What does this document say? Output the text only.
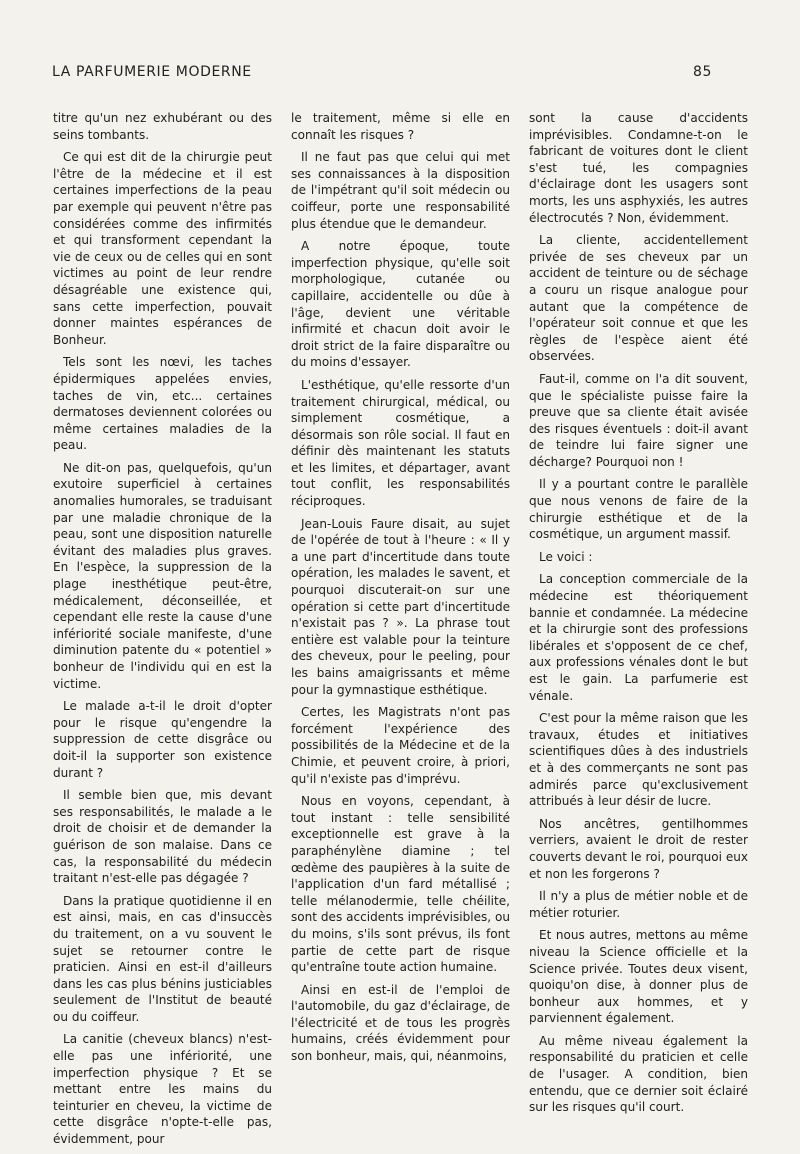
LA PARFUMERIE MODERNE	85

titre qu'un nez exhubérant ou des seins tombants.

Ce qui est dit de la chirurgie peut l'être de la médecine et il est certaines imperfections de la peau par exemple qui peuvent n'être pas considérées comme des infirmités et qui transforment cependant la vie de ceux ou de celles qui en sont victimes au point de leur rendre désagréable une existence qui, sans cette imperfection, pouvait donner maintes espérances de Bonheur.

Tels sont les nœvi, les taches épidermiques appelées envies, taches de vin, etc... certaines dermatoses deviennent colorées ou même certaines maladies de la peau.

Ne dit-on pas, quelquefois, qu'un exutoire superficiel à certaines anomalies humorales, se traduisant par une maladie chronique de la peau, sont une disposition naturelle évitant des maladies plus graves. En l'espèce, la suppression de la plage inesthétique peut-être, médicalement, déconseillée, et cependant elle reste la cause d'une infériorité sociale manifeste, d'une diminution patente du « potentiel » bonheur de l'individu qui en est la victime.

Le malade a-t-il le droit d'opter pour le risque qu'engendre la suppression de cette disgrâce ou doit-il la supporter son existence durant ?

Il semble bien que, mis devant ses responsabilités, le malade a le droit de choisir et de demander la guérison de son malaise. Dans ce cas, la responsabilité du médecin traitant n'est-elle pas dégagée ?

Dans la pratique quotidienne il en est ainsi, mais, en cas d'insuccès du traitement, on a vu souvent le sujet se retourner contre le praticien. Ainsi en est-il d'ailleurs dans les cas plus bénins justiciables seulement de l'Institut de beauté ou du coiffeur.

La canitie (cheveux blancs) n'est-elle pas une infériorité, une imperfection physique ? Et se mettant entre les mains du teinturier en cheveu, la victime de cette disgrâce n'opte-t-elle pas, évidemment, pour

le traitement, même si elle en connaît les risques ?

Il ne faut pas que celui qui met ses connaissances à la disposition de l'impétrant qu'il soit médecin ou coiffeur, porte une responsabilité plus étendue que le demandeur.

A notre époque, toute imperfection physique, qu'elle soit morphologique, cutanée ou capillaire, accidentelle ou dûe à l'âge, devient une véritable infirmité et chacun doit avoir le droit strict de la faire disparaître ou du moins d'essayer.

L'esthétique, qu'elle ressorte d'un traitement chirurgical, médical, ou simplement cosmétique, a désormais son rôle social. Il faut en définir dès maintenant les statuts et les limites, et départager, avant tout conflit, les responsabilités réciproques.

Jean-Louis Faure disait, au sujet de l'opérée de tout à l'heure : « Il y a une part d'incertitude dans toute opération, les malades le savent, et pourquoi discuterait-on sur une opération si cette part d'incertitude n'existait pas ? ». La phrase tout entière est valable pour la teinture des cheveux, pour le peeling, pour les bains amaigrissants et même pour la gymnastique esthétique.

Certes, les Magistrats n'ont pas forcément l'expérience des possibilités de la Médecine et de la Chimie, et peuvent croire, à priori, qu'il n'existe pas d'imprévu.

Nous en voyons, cependant, à tout instant : telle sensibilité exceptionnelle est grave à la paraphénylène diamine ; tel œdème des paupières à la suite de l'application d'un fard métallisé ; telle mélanodermie, telle chéilite, sont des accidents imprévisibles, ou du moins, s'ils sont prévus, ils font partie de cette part de risque qu'entraîne toute action humaine.

Ainsi en est-il de l'emploi de l'automobile, du gaz d'éclairage, de l'électricité et de tous les progrès humains, créés évidemment pour son bonheur, mais, qui, néanmoins,

sont la cause d'accidents imprévisibles. Condamne-t-on le fabricant de voitures dont le client s'est tué, les compagnies d'éclairage dont les usagers sont morts, les uns asphyxiés, les autres électrocutés ? Non, évidemment.

La cliente, accidentellement privée de ses cheveux par un accident de teinture ou de séchage a couru un risque analogue pour autant que la compétence de l'opérateur soit connue et que les règles de l'espèce aient été observées.

Faut-il, comme on l'a dit souvent, que le spécialiste puisse faire la preuve que sa cliente était avisée des risques éventuels : doit-il avant de teindre lui faire signer une décharge? Pourquoi non !

Il y a pourtant contre le parallèle que nous venons de faire de la chirurgie esthétique et de la cosmétique, un argument massif.

Le voici :

La conception commerciale de la médecine est théoriquement bannie et condamnée. La médecine et la chirurgie sont des professions libérales et s'opposent de ce chef, aux professions vénales dont le but est le gain. La parfumerie est vénale.

C'est pour la même raison que les travaux, études et initiatives scientifiques dûes à des industriels et à des commerçants ne sont pas admirés parce qu'exclusivement attribués à leur désir de lucre.

Nos ancêtres, gentilhommes verriers, avaient le droit de rester couverts devant le roi, pourquoi eux et non les forgerons ?

Il n'y a plus de métier noble et de métier roturier.

Et nous autres, mettons au même niveau la Science officielle et la Science privée. Toutes deux visent, quoiqu'on dise, à donner plus de bonheur aux hommes, et y parviennent également.

Au même niveau également la responsabilité du praticien et celle de l'usager. A condition, bien entendu, que ce dernier soit éclairé sur les risques qu'il court.
